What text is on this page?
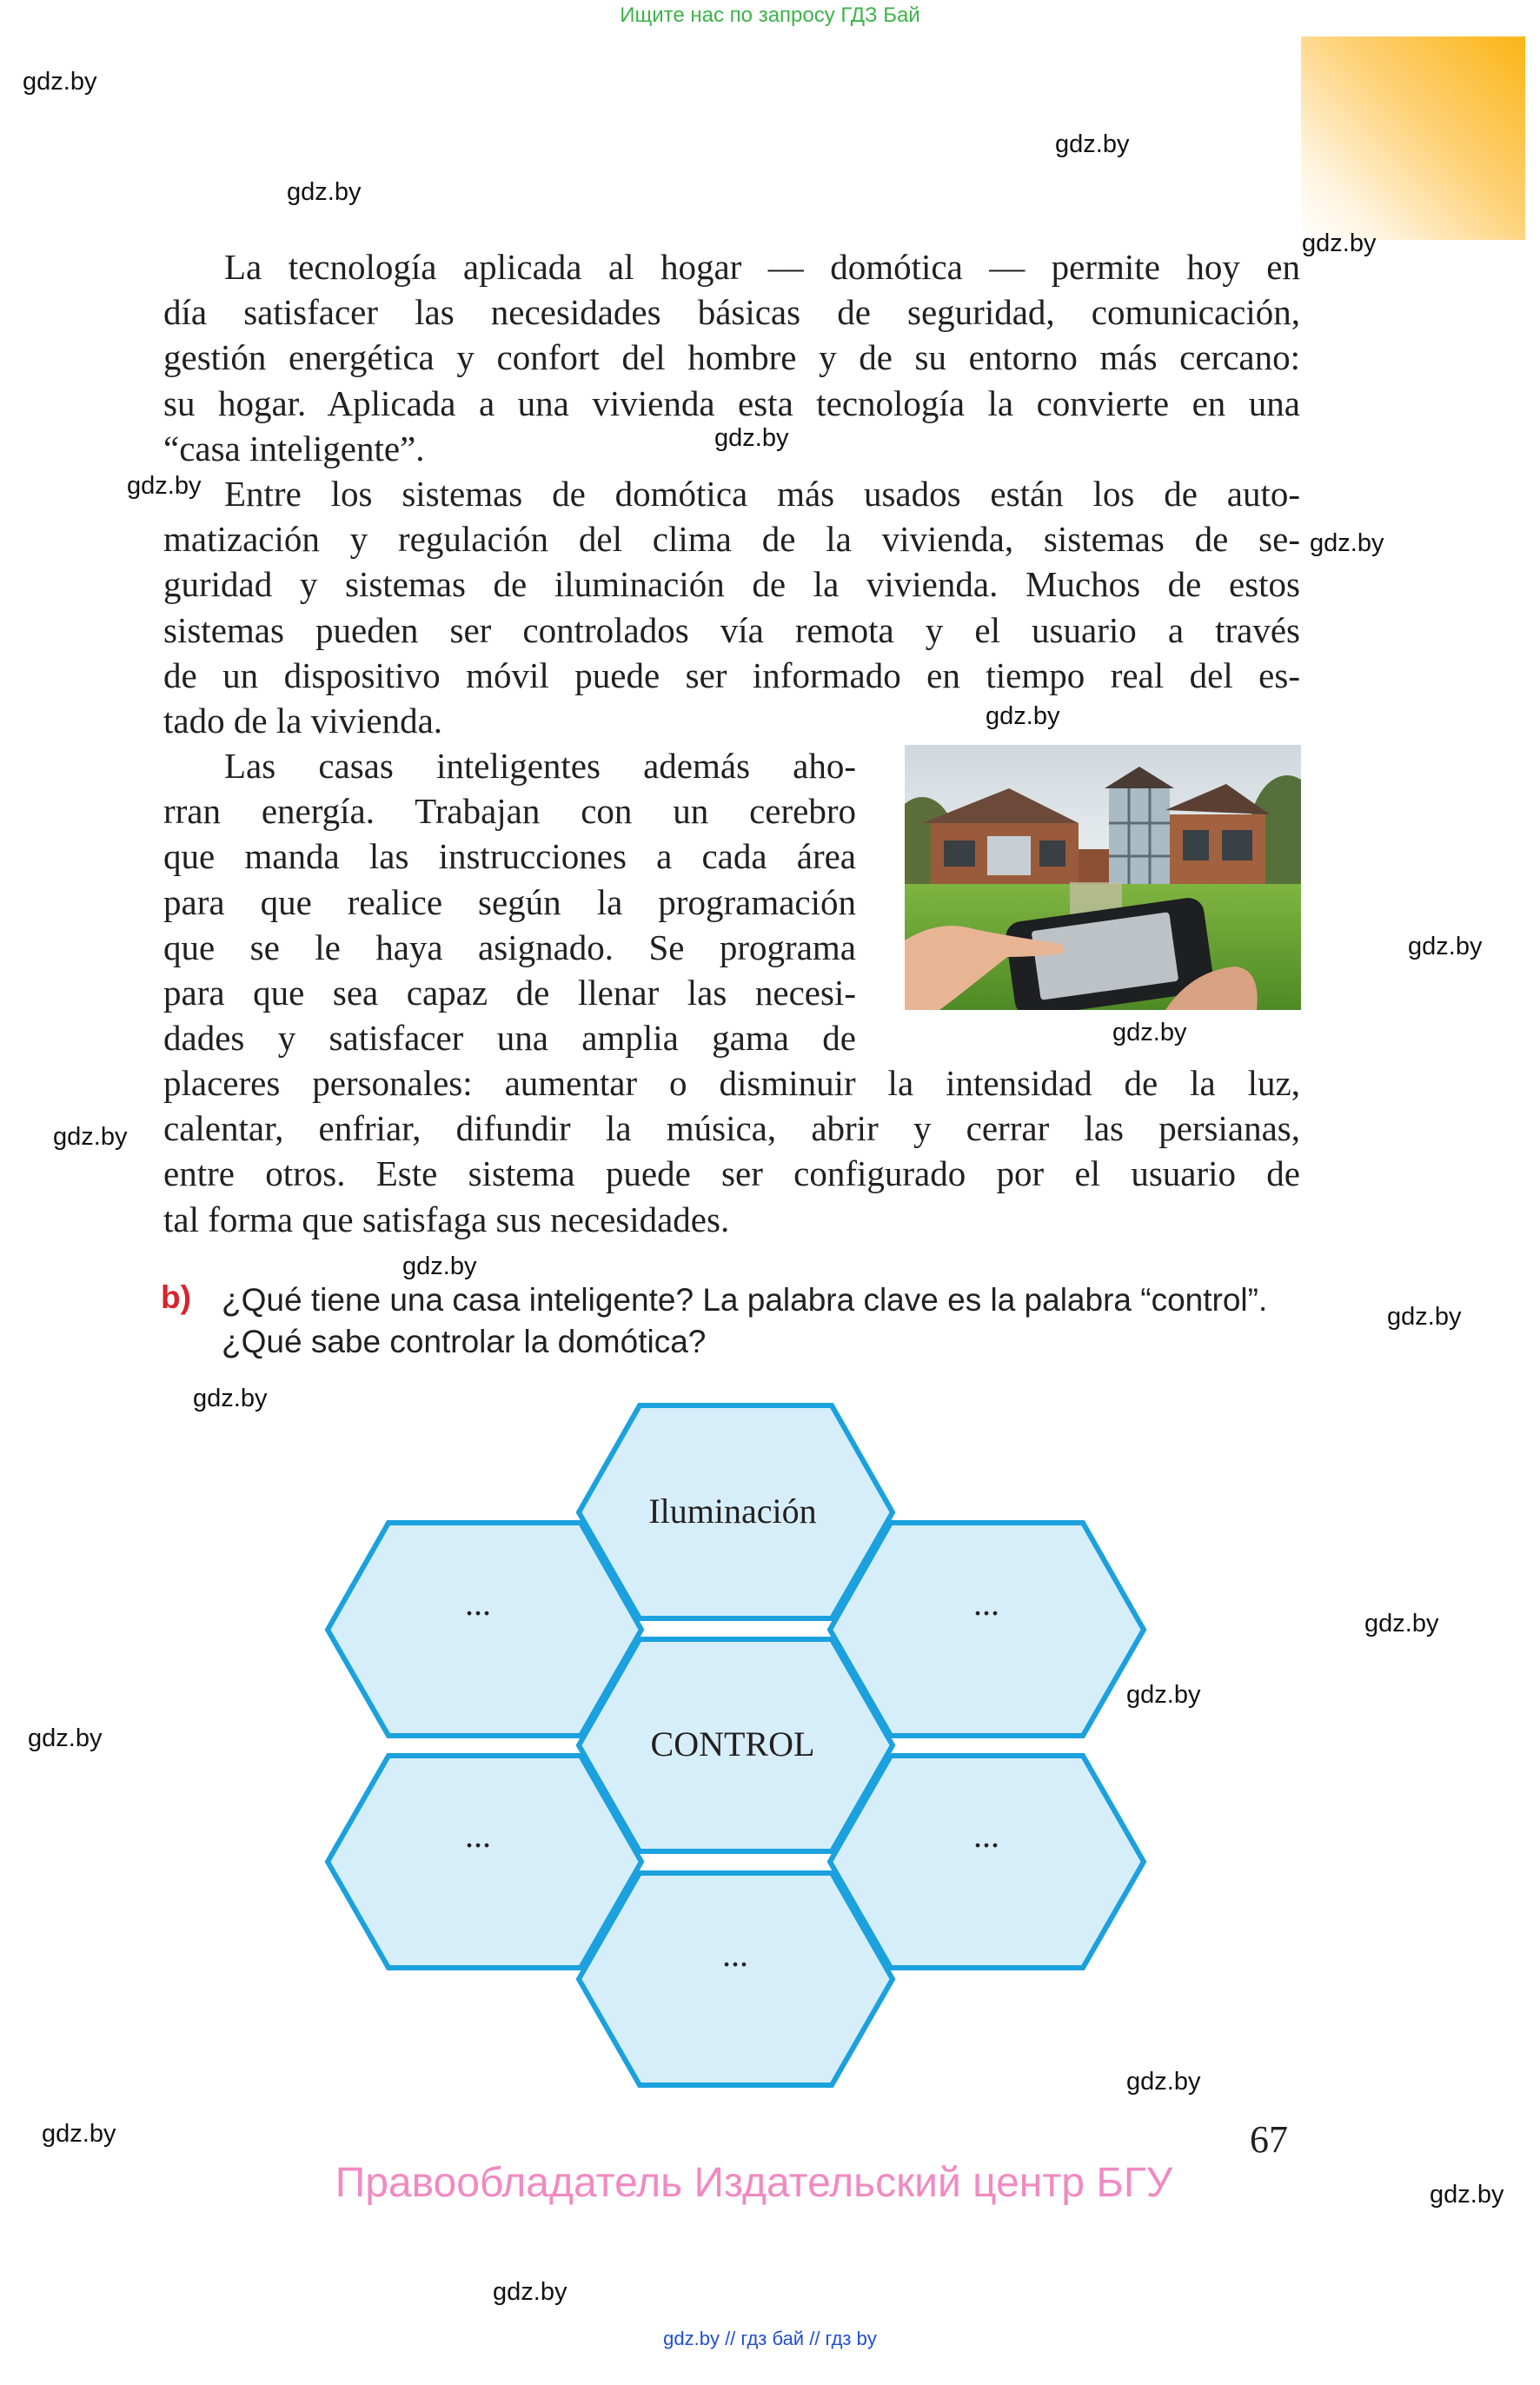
Ищите нас по запросу ГДЗ Бай
gdz.by
gdz.by
gdz.by
gdz.by
gdz.by
gdz.by
gdz.by
gdz.by
gdz.by
gdz.by
gdz.by
gdz.by
gdz.by
gdz.by
gdz.by
gdz.by
gdz.by
gdz.by
gdz.by
gdz.by
gdz.by
La tecnología aplicada al hogar — domótica — permite hoy en
día satisfacer las necesidades básicas de seguridad, comunicación,
gestión energética y confort del hombre y de su entorno más cercano:
su hogar. Aplicada a una vivienda esta tecnología la convierte en una
“casa inteligente”.
Entre los sistemas de domótica más usados están los de auto-
matización y regulación del clima de la vivienda, sistemas de se-
guridad y sistemas de iluminación de la vivienda. Muchos de estos
sistemas pueden ser controlados vía remota y el usuario a través
de un dispositivo móvil puede ser informado en tiempo real del es-
tado de la vivienda.
Las casas inteligentes además aho-
rran energía. Trabajan con un cerebro
que manda las instrucciones a cada área
para que realice según la programación
que se le haya asignado. Se programa
para que sea capaz de llenar las necesi-
dades y satisfacer una amplia gama de
placeres personales: aumentar o disminuir la intensidad de la luz,
calentar, enfriar, difundir la música, abrir y cerrar las persianas,
entre otros. Este sistema puede ser configurado por el usuario de
tal forma que satisfaga sus necesidades.
b) ¿Qué tiene una casa inteligente? La palabra clave es la palabra “control”.
¿Qué sabe controlar la domótica?
Iluminación
...	...
CONTROL
...	...
...
67
Правообладатель Издательский центр БГУ
gdz.by // гдз бай // гдз by
